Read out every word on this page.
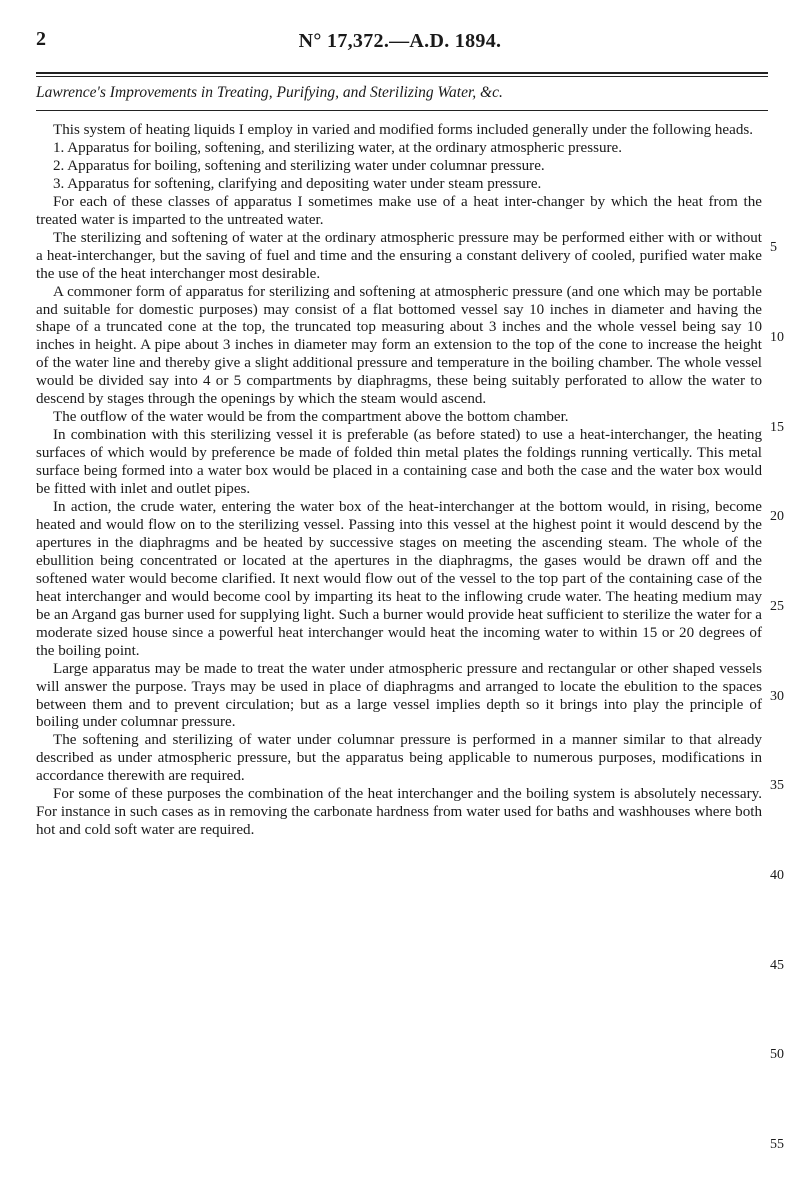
2	N° 17,372.—A.D. 1894.
Lawrence's Improvements in Treating, Purifying, and Sterilizing Water, &c.

This system of heating liquids I employ in varied and modified forms included generally under the following heads.

1. Apparatus for boiling, softening, and sterilizing water, at the ordinary atmospheric pressure.

2. Apparatus for boiling, softening and sterilizing water under columnar pressure.

3. Apparatus for softening, clarifying and depositing water under steam pressure.

For each of these classes of apparatus I sometimes make use of a heat inter-changer by which the heat from the treated water is imparted to the untreated water.

The sterilizing and softening of water at the ordinary atmospheric pressure may be performed either with or without a heat-interchanger, but the saving of fuel and time and the ensuring a constant delivery of cooled, purified water make the use of the heat interchanger most desirable.

A commoner form of apparatus for sterilizing and softening at atmospheric pressure (and one which may be portable and suitable for domestic purposes) may consist of a flat bottomed vessel say 10 inches in diameter and having the shape of a truncated cone at the top, the truncated top measuring about 3 inches and the whole vessel being say 10 inches in height. A pipe about 3 inches in diameter may form an extension to the top of the cone to increase the height of the water line and thereby give a slight additional pressure and temperature in the boiling chamber. The whole vessel would be divided say into 4 or 5 compartments by diaphragms, these being suitably perforated to allow the water to descend by stages through the openings by which the steam would ascend.

The outflow of the water would be from the compartment above the bottom chamber.

In combination with this sterilizing vessel it is preferable (as before stated) to use a heat-interchanger, the heating surfaces of which would by preference be made of folded thin metal plates the foldings running vertically. This metal surface being formed into a water box would be placed in a containing case and both the case and the water box would be fitted with inlet and outlet pipes.

In action, the crude water, entering the water box of the heat-interchanger at the bottom would, in rising, become heated and would flow on to the sterilizing vessel. Passing into this vessel at the highest point it would descend by the apertures in the diaphragms and be heated by successive stages on meeting the ascending steam. The whole of the ebullition being concentrated or located at the apertures in the diaphragms, the gases would be drawn off and the softened water would become clarified. It next would flow out of the vessel to the top part of the containing case of the heat interchanger and would become cool by imparting its heat to the inflowing crude water. The heating medium may be an Argand gas burner used for supplying light. Such a burner would provide heat sufficient to sterilize the water for a moderate sized house since a powerful heat interchanger would heat the incoming water to within 15 or 20 degrees of the boiling point.

Large apparatus may be made to treat the water under atmospheric pressure and rectangular or other shaped vessels will answer the purpose. Trays may be used in place of diaphragms and arranged to locate the ebulition to the spaces between them and to prevent circulation; but as a large vessel implies depth so it brings into play the principle of boiling under columnar pressure.

The softening and sterilizing of water under columnar pressure is performed in a manner similar to that already described as under atmospheric pressure, but the apparatus being applicable to numerous purposes, modifications in accordance therewith are required.

For some of these purposes the combination of the heat interchanger and the boiling system is absolutely necessary. For instance in such cases as in removing the carbonate hardness from water used for baths and washhouses where both hot and cold soft water are required.

5
10
15
20
25
30
35
40
45
50
55
